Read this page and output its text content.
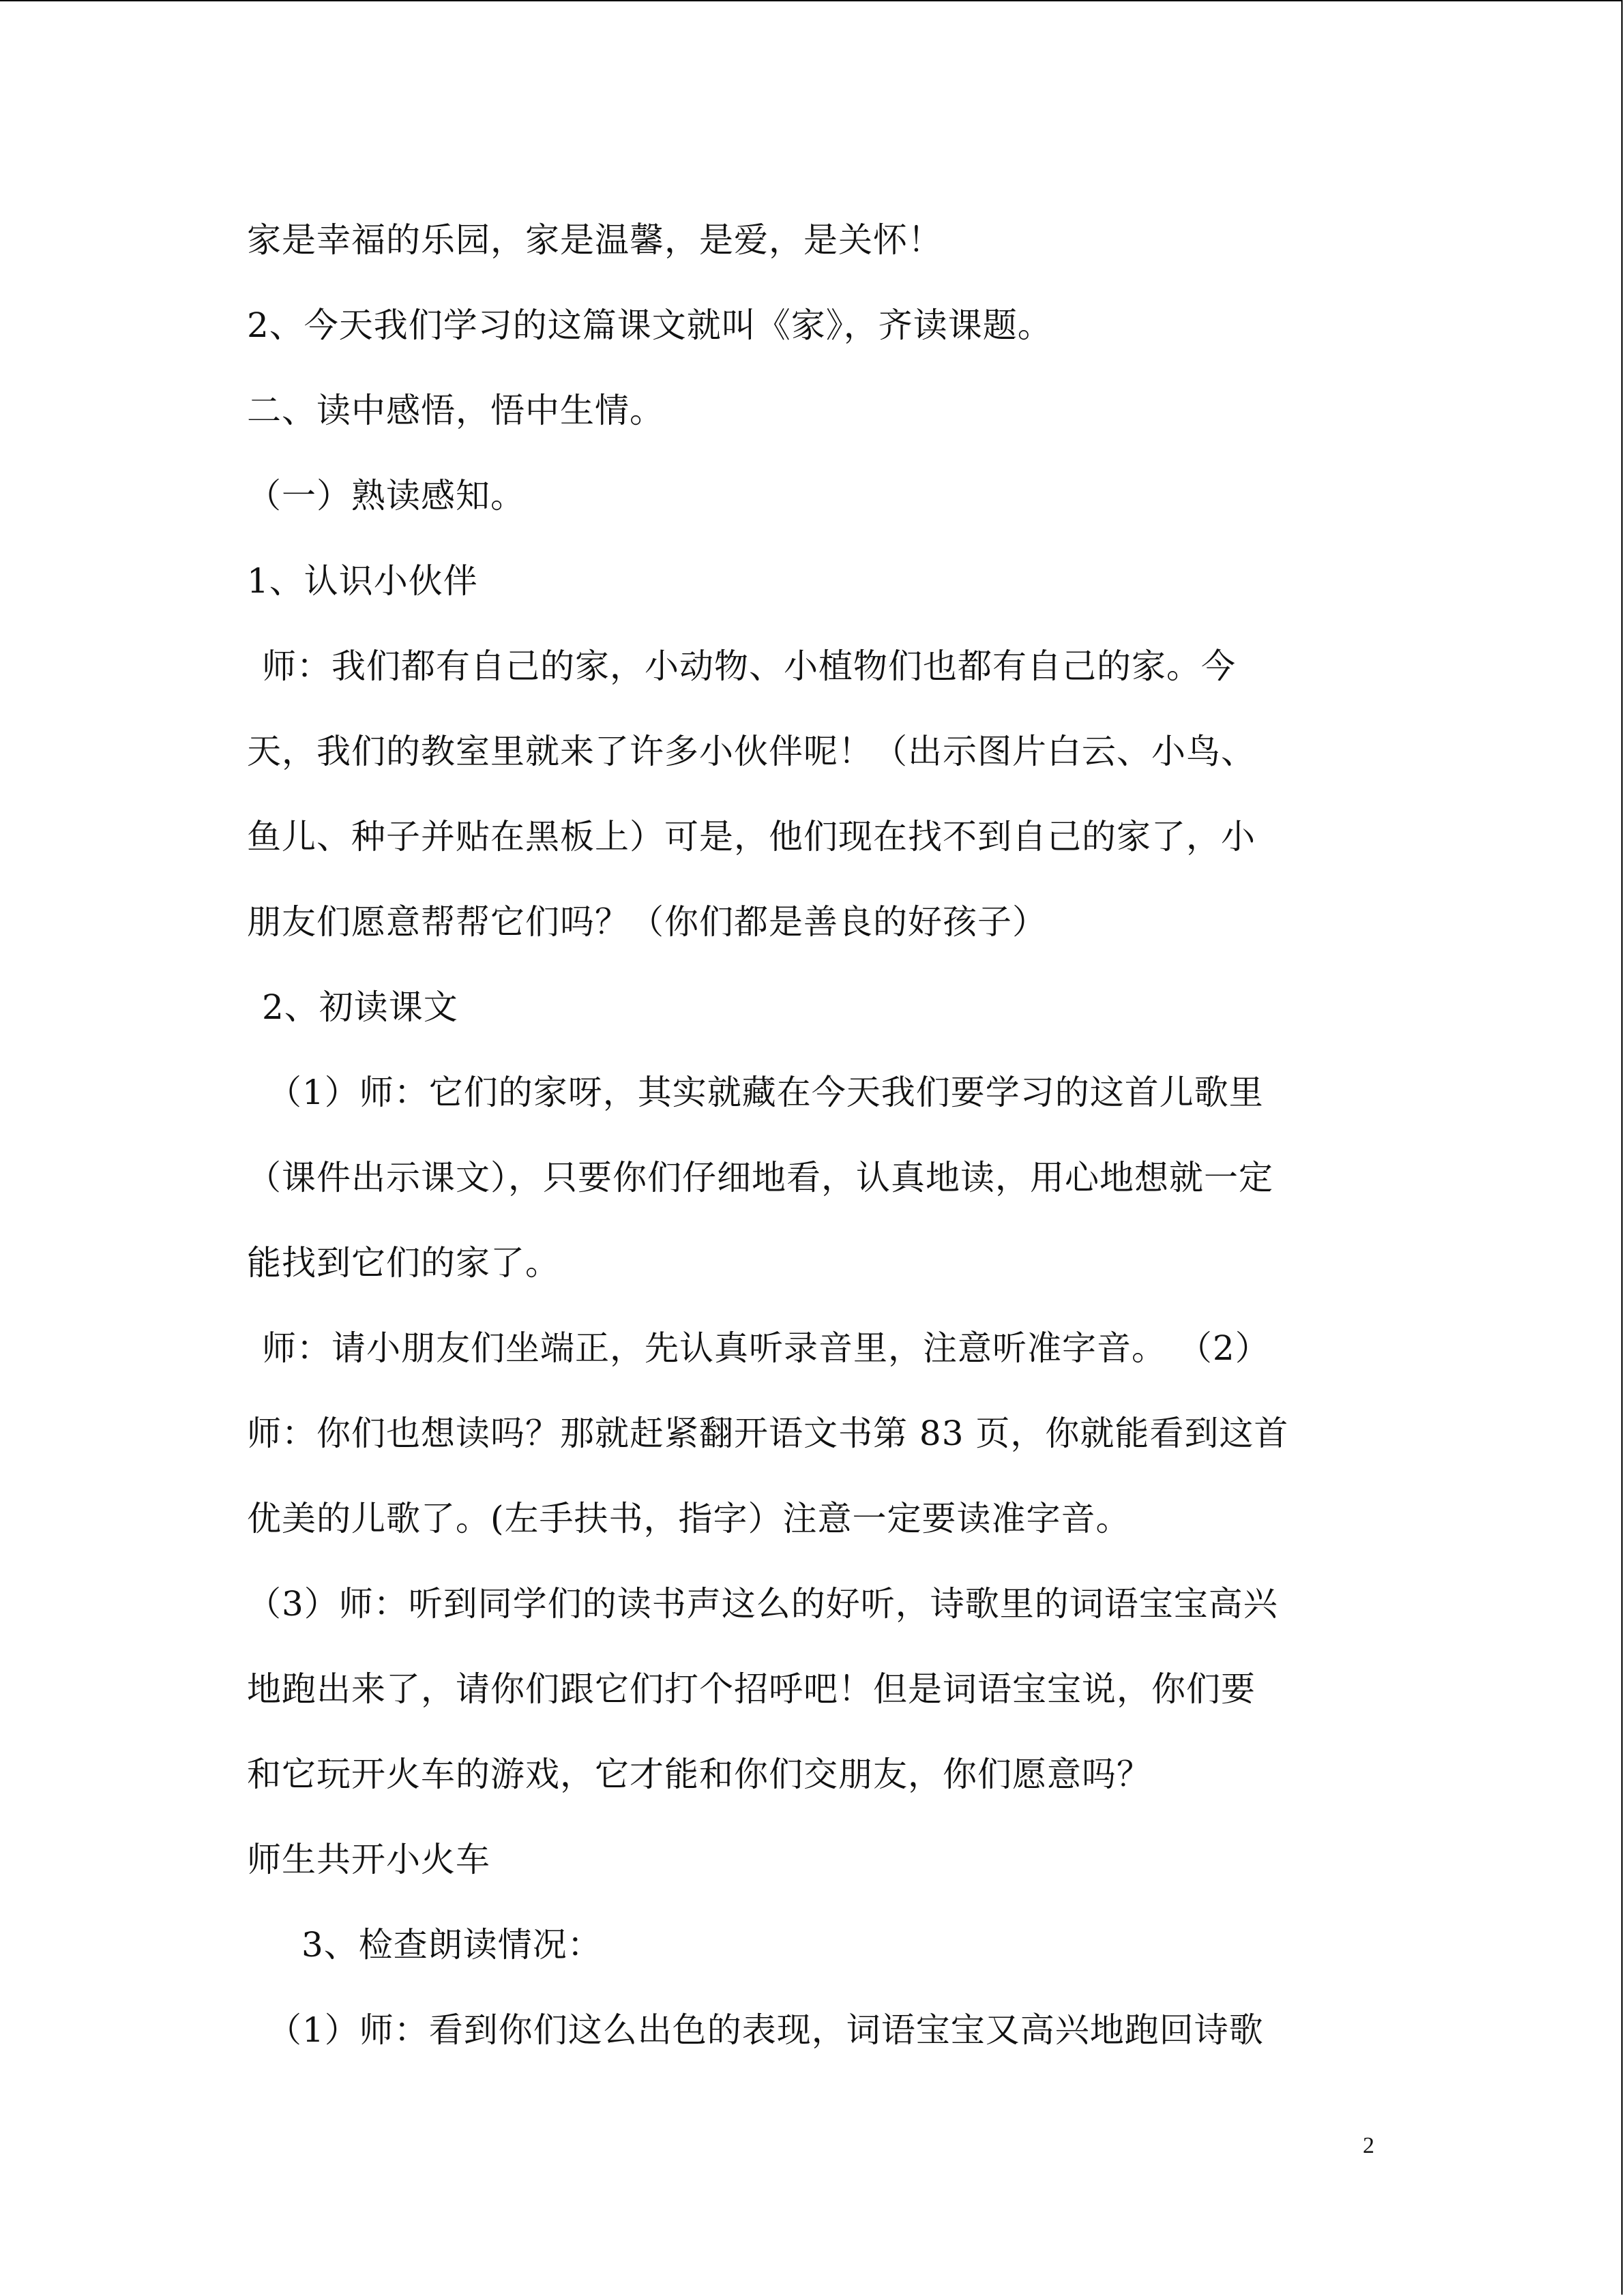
家是幸福的乐园，家是温馨，是爱，是关怀！
2、今天我们学习的这篇课文就叫《家》，齐读课题。
二、读中感悟，悟中生情。
（一）熟读感知。
1、认识小伙伴
师：我们都有自己的家，小动物、小植物们也都有自己的家。今
天，我们的教室里就来了许多小伙伴呢！（出示图片白云、小鸟、
鱼儿、种子并贴在黑板上）可是，他们现在找不到自己的家了，小
朋友们愿意帮帮它们吗？（你们都是善良的好孩子）
2、初读课文
（1）师：它们的家呀，其实就藏在今天我们要学习的这首儿歌里
（课件出示课文），只要你们仔细地看，认真地读，用心地想就一定
能找到它们的家了。
师：请小朋友们坐端正，先认真听录音里，注意听准字音。 （2）
师：你们也想读吗？那就赶紧翻开语文书第 83 页，你就能看到这首
优美的儿歌了。(左手扶书，指字）注意一定要读准字音。
（3）师：听到同学们的读书声这么的好听，诗歌里的词语宝宝高兴
地跑出来了，请你们跟它们打个招呼吧！但是词语宝宝说，你们要
和它玩开火车的游戏，它才能和你们交朋友，你们愿意吗？
师生共开小火车
3、检查朗读情况：
（1）师：看到你们这么出色的表现，词语宝宝又高兴地跑回诗歌
2
